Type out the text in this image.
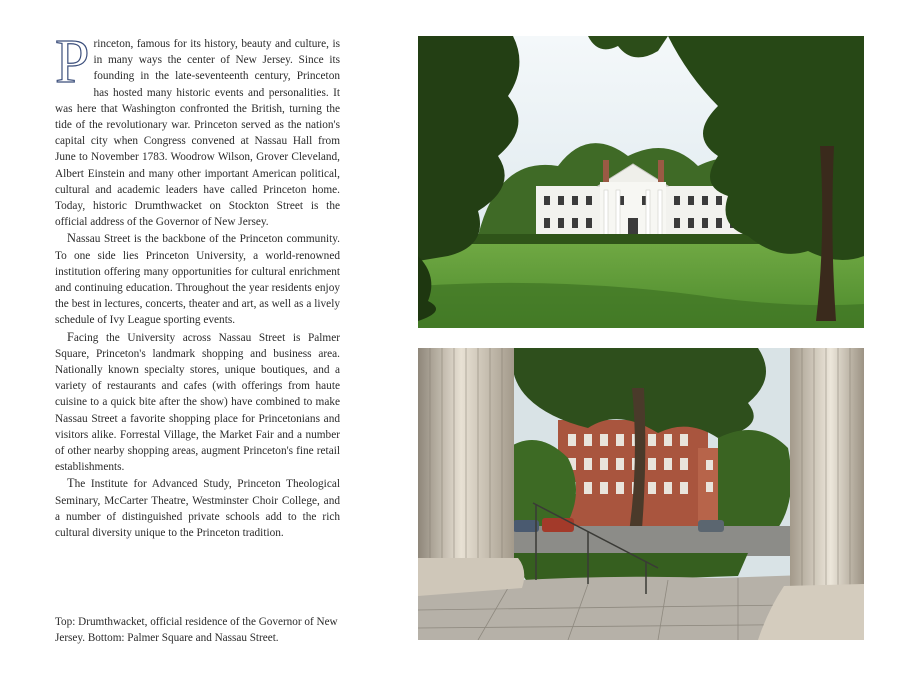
Princeton, famous for its history, beauty and culture, is in many ways the center of New Jersey. Since its founding in the late-seventeenth century, Princeton has hosted many historic events and personalities. It was here that Washington confronted the British, turning the tide of the revolutionary war. Princeton served as the nation's capital city when Congress convened at Nassau Hall from June to November 1783. Woodrow Wilson, Grover Cleveland, Albert Einstein and many other important American political, cultural and academic leaders have called Princeton home. Today, historic Drumthwacket on Stockton Street is the official address of the Governor of New Jersey.

Nassau Street is the backbone of the Princeton community. To one side lies Princeton University, a world-renowned institution offering many opportunities for cultural enrichment and continuing education. Throughout the year residents enjoy the best in lectures, concerts, theater and art, as well as a lively schedule of Ivy League sporting events.

Facing the University across Nassau Street is Palmer Square, Princeton's landmark shopping and business area. Nationally known specialty stores, unique boutiques, and a variety of restaurants and cafes (with offerings from haute cuisine to a quick bite after the show) have combined to make Nassau Street a favorite shopping place for Princetonians and visitors alike. Forrestal Village, the Market Fair and a number of other nearby shopping areas, augment Princeton's fine retail establishments.

The Institute for Advanced Study, Princeton Theological Seminary, McCarter Theatre, Westminster Choir College, and a number of distinguished private schools add to the rich cultural diversity unique to the Princeton tradition.

Top: Drumthwacket, official residence of the Governor of New Jersey. Bottom: Palmer Square and Nassau Street.
